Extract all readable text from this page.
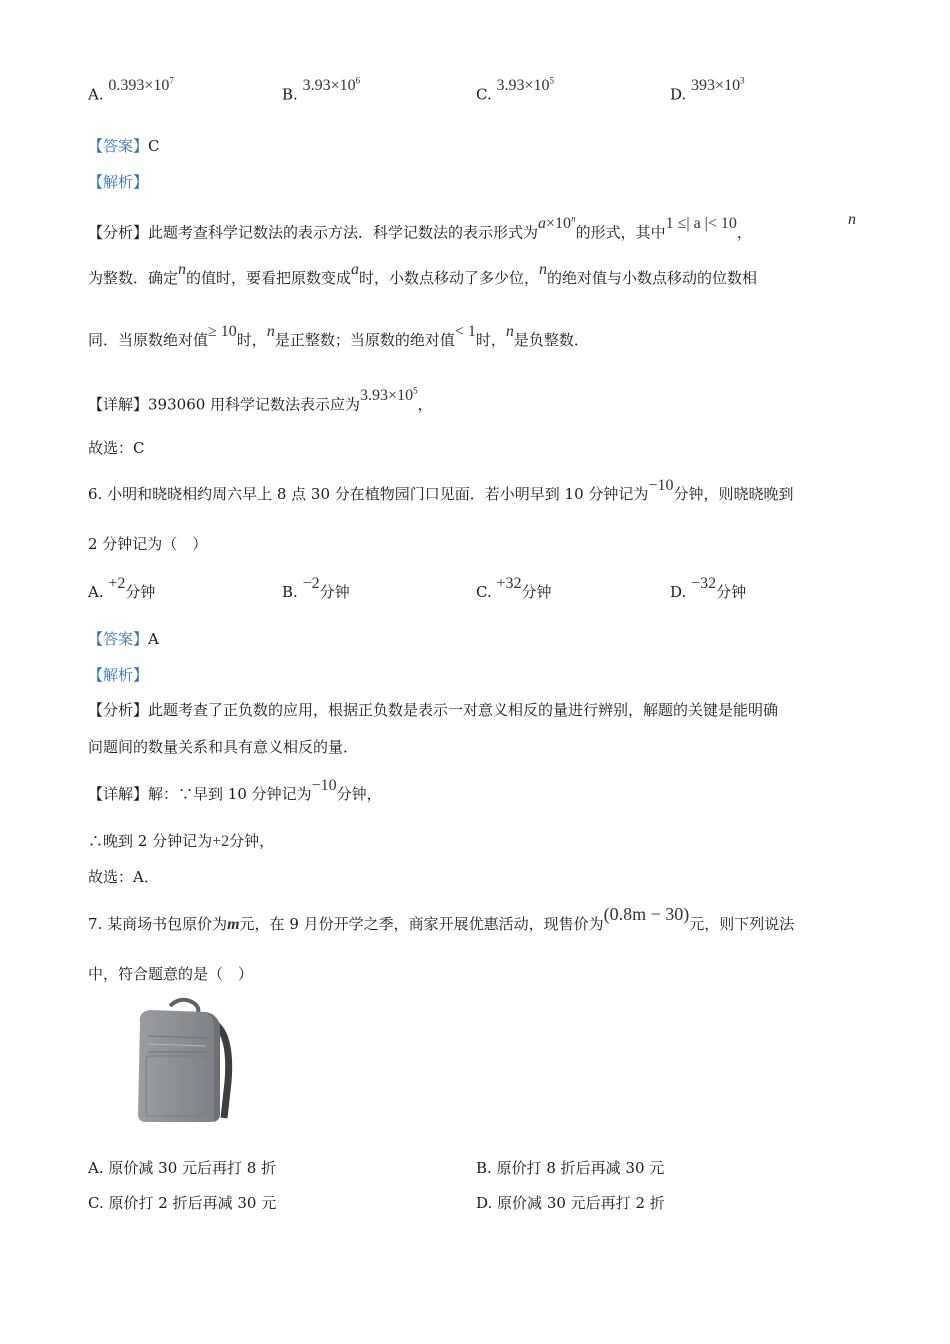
A. $0.393\times 10^7$
B. $3.93\times 10^6$
C. $3.93\times 10^5$
D. $393\times 10^3$
【答案】C
【解析】
【分析】此题考查科学记数法的表示方法．科学记数法的表示形式为$a\times 10^n$的形式，其中1 ≤| a |< 10，
n
为整数．确定n的值时，要看把原数变成a时，小数点移动了多少位，n的绝对值与小数点移动的位数相
同．当原数绝对值≥ 10时，n是正整数；当原数的绝对值< 1时，n是负整数．
【详解】393060 用科学记数法表示应为$3.93\times 10^5$，
故选：C
6. 小明和晓晓相约周六早上 8 点 30 分在植物园门口见面．若小明早到 10 分钟记为−10分钟，则晓晓晚到
2 分钟记为（　）
A. +2分钟	B. −2分钟	C. +32分钟	D. −32分钟
【答案】A
【解析】
【分析】此题考查了正负数的应用，根据正负数是表示一对意义相反的量进行辨别，解题的关键是能明确
问题间的数量关系和具有意义相反的量．
【详解】解：∵早到 10 分钟记为−10分钟，
∴晚到 2 分钟记为+2分钟，
故选：A．
7. 某商场书包原价为m元，在 9 月份开学之季，商家开展优惠活动，现售价为(0.8m − 30)元，则下列说法
中，符合题意的是（　）
A. 原价减 30 元后再打 8 折	B. 原价打 8 折后再减 30 元
C. 原价打 2 折后再减 30 元	D. 原价减 30 元后再打 2 折
